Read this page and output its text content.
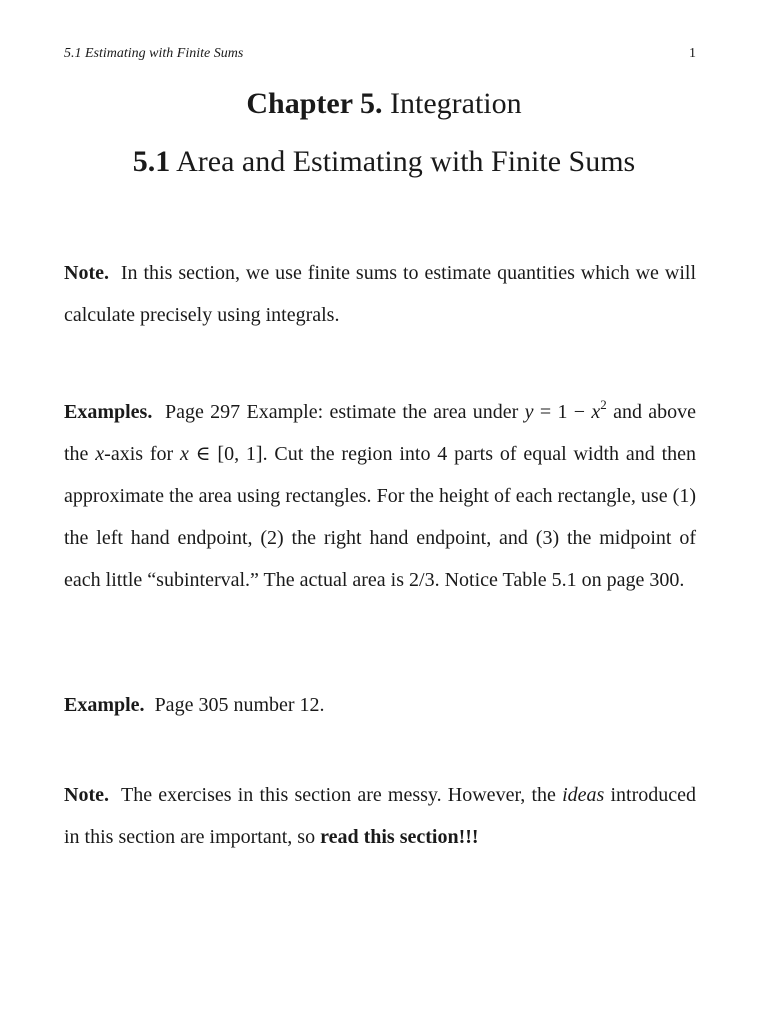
5.1 Estimating with Finite Sums	1
Chapter 5. Integration
5.1 Area and Estimating with Finite Sums

Note. In this section, we use finite sums to estimate quantities which we will calculate precisely using integrals.

Examples. Page 297 Example: estimate the area under $y = 1 - x^2$ and above the x-axis for x ∈ [0, 1]. Cut the region into 4 parts of equal width and then approximate the area using rectangles. For the height of each rectangle, use (1) the left hand endpoint, (2) the right hand endpoint, and (3) the midpoint of each little “subinterval.” The actual area is 2/3. Notice Table 5.1 on page 300.

Example. Page 305 number 12.

Note. The exercises in this section are messy. However, the ideas introduced in this section are important, so read this section!!!
